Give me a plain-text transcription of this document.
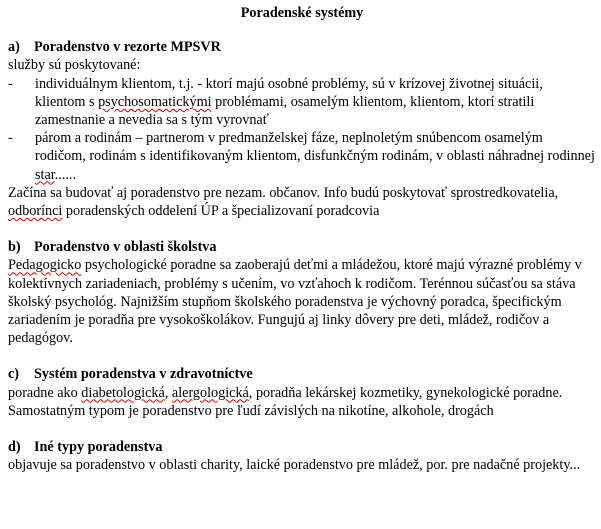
Poradenské systémy

a) Poradenstvo v rezorte MPSVR

služby sú poskytované:

- individuálnym klientom, t.j. - ktorí majú osobné problémy, sú v krízovej životnej situácii, klientom s psychosomatickými problémami, osamelým klientom, klientom, ktorí stratili zamestnanie a nevedia sa s tým vyrovnať
- párom a rodinám – partnerom v predmanželskej fáze, neplnoletým snúbencom osamelým rodičom, rodinám s identifikovaným klientom, disfunkčným rodinám, v oblasti náhradnej rodinnej star......

Začína sa budovať aj poradenstvo pre nezam. občanov. Info budú poskytovať sprostredkovatelia, odborínci poradenských oddelení ÚP a špecializovaní poradcovia

b) Poradenstvo v oblasti školstva

Pedagogicko psychologické poradne sa zaoberajú deťmi a mládežou, ktoré majú výrazné problémy v kolektívnych zariadeniach, problémy s učením, vo vzťahoch k rodičom. Terénnou súčasťou sa stáva školský psychológ. Najnižším stupňom školského poradenstva je výchovný poradca, špecifickým zariadením je poradňa pre vysokoškolákov. Fungujú aj linky dôvery pre deti, mládež, rodičov a pedagógov.

c) Systém poradenstva v zdravotníctve

poradne ako diabetologická, alergologická, poradňa lekárskej kozmetiky, gynekologické poradne. Samostatným typom je poradenstvo pre ľudí závislých na nikotíne, alkohole, drogách

d) Iné typy poradenstva

objavuje sa poradenstvo v oblasti charity, laické poradenstvo pre mládež, por. pre nadačné projekty...
